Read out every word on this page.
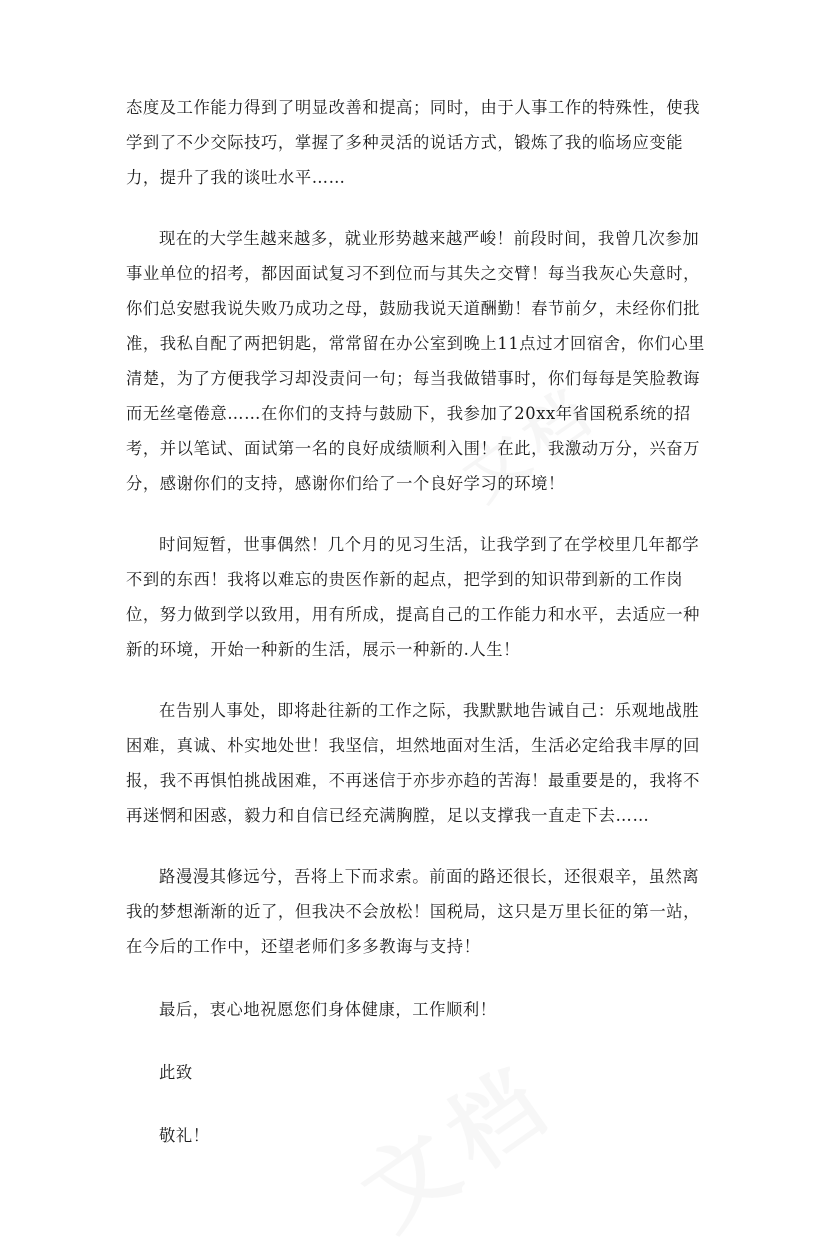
态度及工作能力得到了明显改善和提高；同时，由于人事工作的特殊性，使我学到了不少交际技巧，掌握了多种灵活的说话方式，锻炼了我的临场应变能力，提升了我的谈吐水平……

现在的大学生越来越多，就业形势越来越严峻！前段时间，我曾几次参加事业单位的招考，都因面试复习不到位而与其失之交臂！每当我灰心失意时，你们总安慰我说失败乃成功之母，鼓励我说天道酬勤！春节前夕，未经你们批准，我私自配了两把钥匙，常常留在办公室到晚上11点过才回宿舍，你们心里清楚，为了方便我学习却没责问一句；每当我做错事时，你们每每是笑脸教诲而无丝毫倦意……在你们的支持与鼓励下，我参加了20xx年省国税系统的招考，并以笔试、面试第一名的良好成绩顺利入围！在此，我激动万分，兴奋万分，感谢你们的支持，感谢你们给了一个良好学习的环境！

时间短暂，世事偶然！几个月的见习生活，让我学到了在学校里几年都学不到的东西！我将以难忘的贵医作新的起点，把学到的知识带到新的工作岗位，努力做到学以致用，用有所成，提高自己的工作能力和水平，去适应一种新的环境，开始一种新的生活，展示一种新的.人生！

在告别人事处，即将赴往新的工作之际，我默默地告诫自己：乐观地战胜困难，真诚、朴实地处世！我坚信，坦然地面对生活，生活必定给我丰厚的回报，我不再惧怕挑战困难，不再迷信于亦步亦趋的苦海！最重要是的，我将不再迷惘和困惑，毅力和自信已经充满胸膛，足以支撑我一直走下去……

路漫漫其修远兮，吾将上下而求索。前面的路还很长，还很艰辛，虽然离我的梦想渐渐的近了，但我决不会放松！国税局，这只是万里长征的第一站，在今后的工作中，还望老师们多多教诲与支持！

最后，衷心地祝愿您们身体健康，工作顺利！

此致

敬礼！
